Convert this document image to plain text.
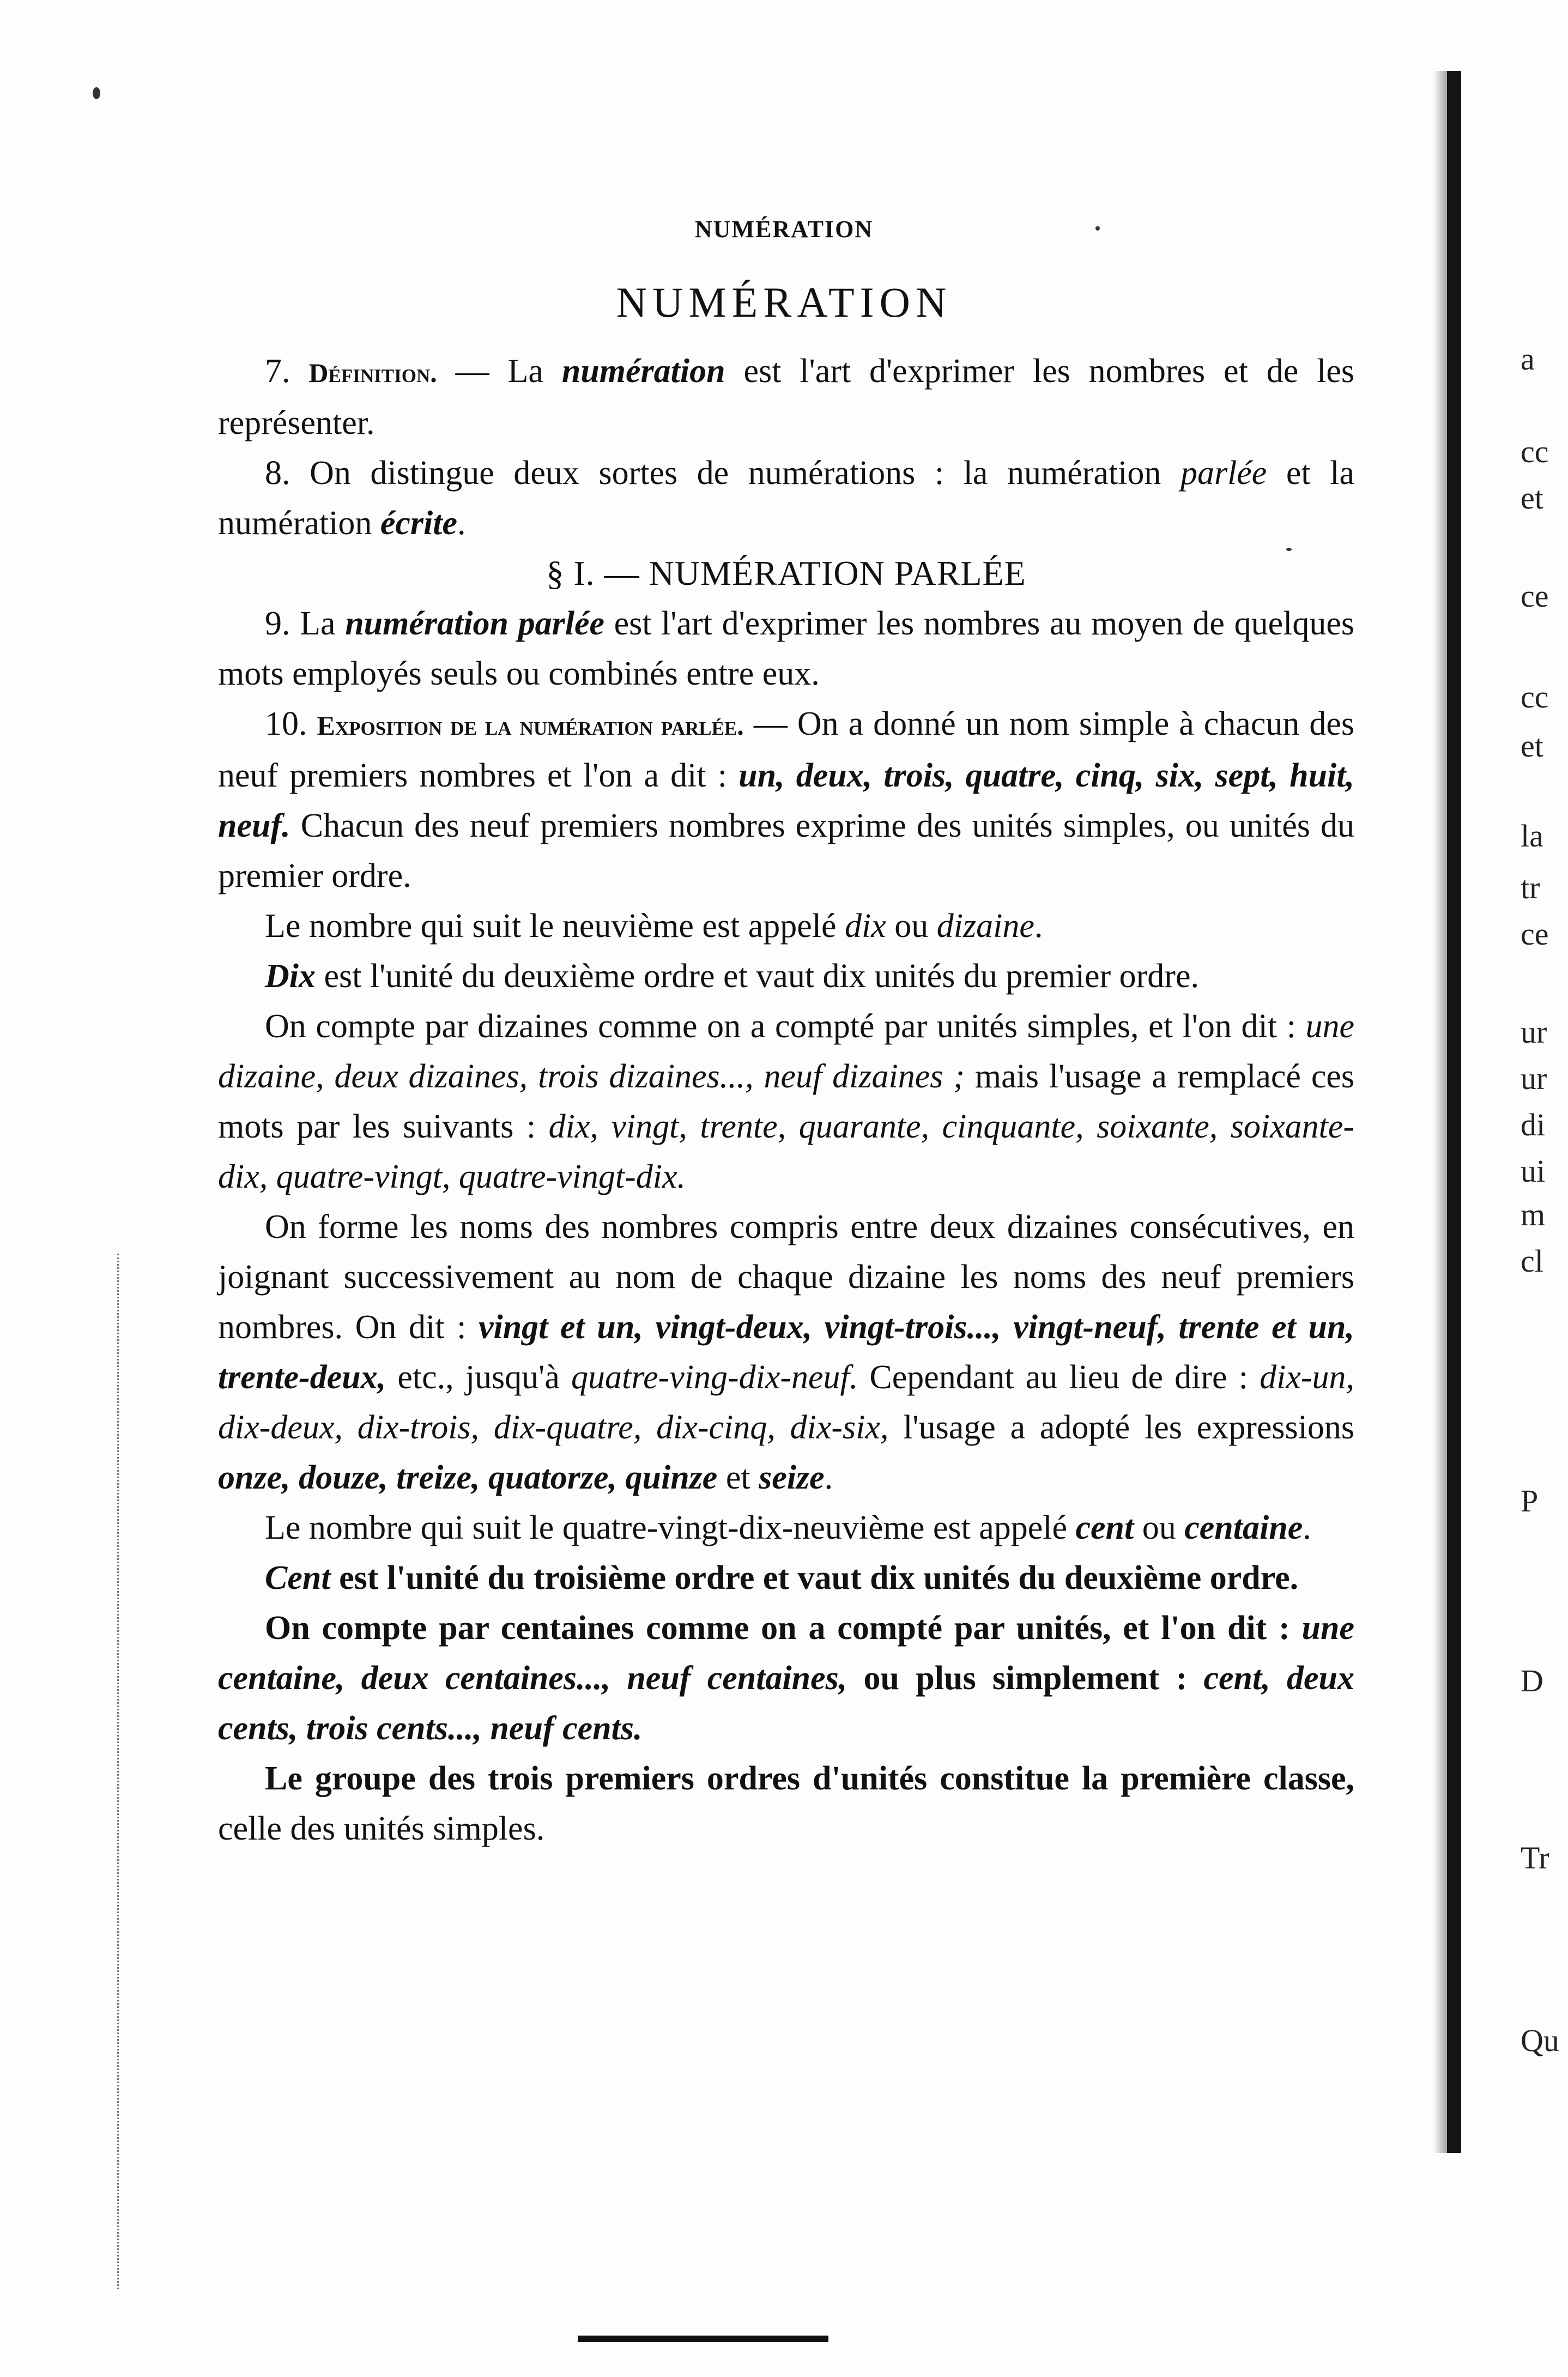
NUMÉRATION
NUMÉRATION

7. Définition. — La numération est l'art d'exprimer les nombres et de les représenter.

8. On distingue deux sortes de numérations : la numération parlée et la numération écrite.

§ I. — NUMÉRATION PARLÉE

9. La numération parlée est l'art d'exprimer les nombres au moyen de quelques mots employés seuls ou combinés entre eux.

10. Exposition de la numération parlée. — On a donné un nom simple à chacun des neuf premiers nombres et l'on a dit : un, deux, trois, quatre, cinq, six, sept, huit, neuf. Chacun des neuf premiers nombres exprime des unités simples, ou unités du premier ordre.

Le nombre qui suit le neuvième est appelé dix ou dizaine.

Dix est l'unité du deuxième ordre et vaut dix unités du premier ordre.

On compte par dizaines comme on a compté par unités simples, et l'on dit : une dizaine, deux dizaines, trois dizaines..., neuf dizaines ; mais l'usage a remplacé ces mots par les suivants : dix, vingt, trente, quarante, cinquante, soixante, soixante-dix, quatre-vingt, quatre-vingt-dix.

On forme les noms des nombres compris entre deux dizaines consécutives, en joignant successivement au nom de chaque dizaine les noms des neuf premiers nombres. On dit : vingt et un, vingt-deux, vingt-trois..., vingt-neuf, trente et un, trente-deux, etc., jusqu'à quatre-ving-dix-neuf. Cependant au lieu de dire : dix-un, dix-deux, dix-trois, dix-quatre, dix-cinq, dix-six, l'usage a adopté les expressions onze, douze, treize, quatorze, quinze et seize.

Le nombre qui suit le quatre-vingt-dix-neuvième est appelé cent ou centaine.

Cent est l'unité du troisième ordre et vaut dix unités du deuxième ordre.

On compte par centaines comme on a compté par unités, et l'on dit : une centaine, deux centaines..., neuf centaines, ou plus simplement : cent, deux cents, trois cents..., neuf cents.

Le groupe des trois premiers ordres d'unités constitue la première classe, celle des unités simples.

a
cc
et
ce
cc
et
la
tr
ce
ur
ur
di
ui
m
cl
P
D
Tr
Qu
